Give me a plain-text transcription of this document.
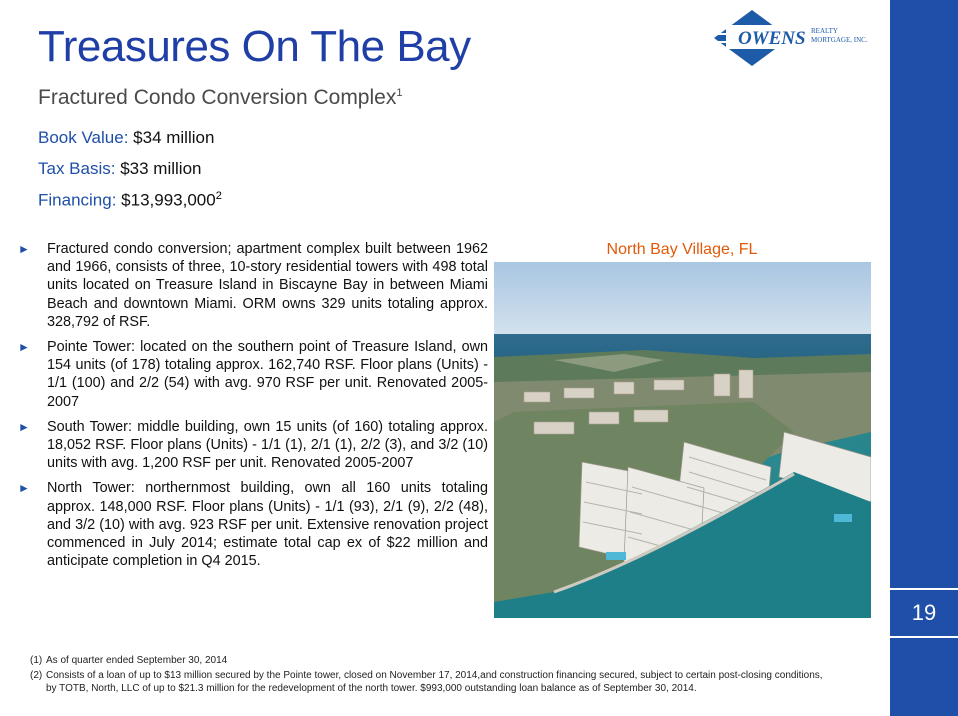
19
OWENS REALTY
MORTGAGE, INC.
Treasures On The Bay
Fractured Condo Conversion Complex$^1$
Book Value: $34 million
Tax Basis: $33 million
Financing: $13,993,000$^2$
► Fractured condo conversion; apartment complex built between 1962 and 1966, consists of three, 10-story residential towers with 498 total units located on Treasure Island in Biscayne Bay in between Miami Beach and downtown Miami. ORM owns 329 units totaling approx. 328,792 of RSF.
► Pointe Tower: located on the southern point of Treasure Island, own 154 units (of 178) totaling approx. 162,740 RSF. Floor plans (Units) - 1/1 (100) and 2/2 (54) with avg. 970 RSF per unit. Renovated 2005-2007
► South Tower: middle building, own 15 units (of 160) totaling approx. 18,052 RSF. Floor plans (Units) - 1/1 (1), 2/1 (1), 2/2 (3), and 3/2 (10) units with avg. 1,200 RSF per unit. Renovated 2005-2007
► North Tower: northernmost building, own all 160 units totaling approx. 148,000 RSF. Floor plans (Units) - 1/1 (93), 2/1 (9), 2/2 (48), and 3/2 (10) with avg. 923 RSF per unit. Extensive renovation project commenced in July 2014; estimate total cap ex of $22 million and anticipate completion in Q4 2015.
North Bay Village, FL
(1) As of quarter ended September 30, 2014
(2) Consists of a loan of up to $13 million secured by the Pointe tower, closed on November 17, 2014,and construction financing secured, subject to certain post-closing conditions, by TOTB, North, LLC of up to $21.3 million for the redevelopment of the north tower. $993,000 outstanding loan balance as of September 30, 2014.
